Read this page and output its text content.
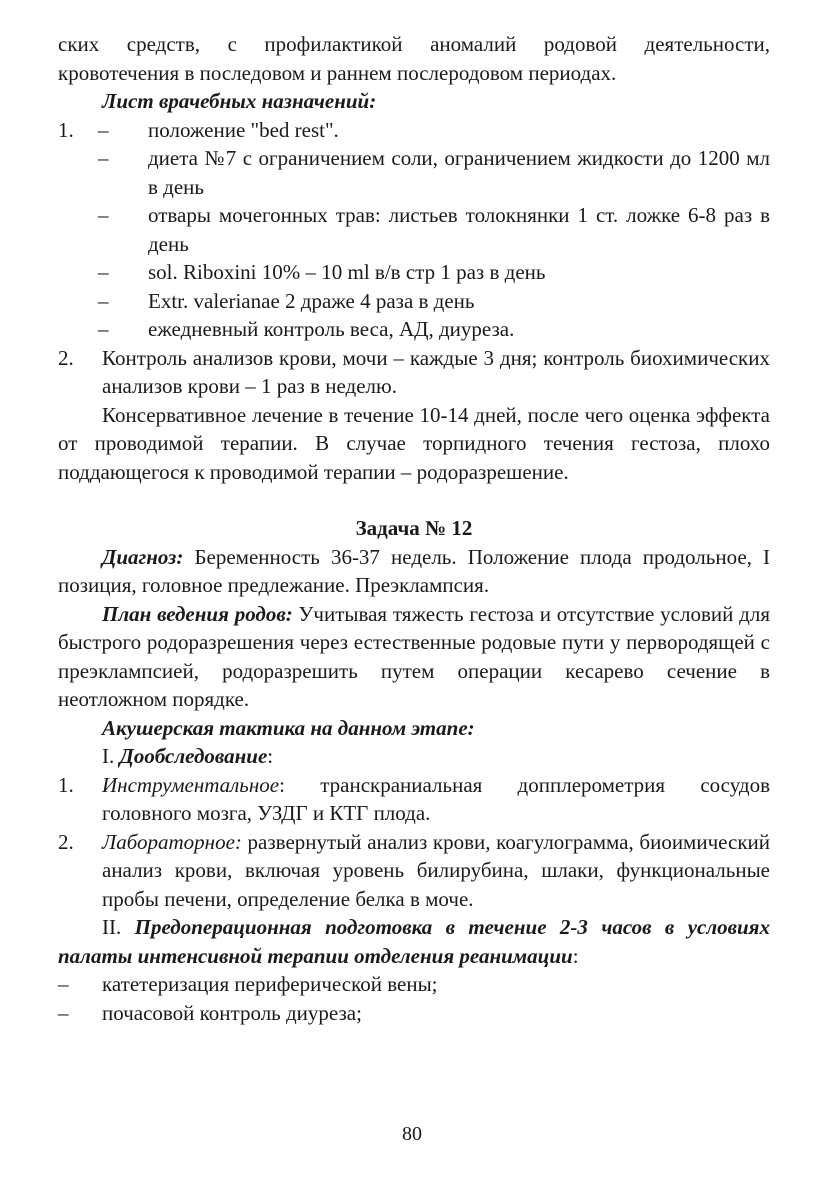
ских средств, с профилактикой аномалий родовой деятельности,

кровотечения в последовом и раннем послеродовом периодах.

Лист врачебных назначений:

1. – положение "bed rest".

– диета №7 с ограничением соли, ограничением жидкости до 1200 мл в день

– отвары мочегонных трав: листьев толокнянки 1 ст. ложке 6-8 раз в день

– sol. Riboxini 10% – 10 ml в/в стр 1 раз в день

– Extr. valerianae 2 драже 4 раза в день

– ежедневный контроль веса, АД, диуреза.

2. Контроль анализов крови, мочи – каждые 3 дня; контроль биохимических анализов крови – 1 раз в неделю.

Консервативное лечение в течение 10-14 дней, после чего оценка эффекта от проводимой терапии. В случае торпидного течения гестоза, плохо поддающегося к проводимой терапии – родоразрешение.

Задача № 12

Диагноз: Беременность 36-37 недель. Положение плода продольное, I позиция, головное предлежание. Преэклампсия.

План ведения родов: Учитывая тяжесть гестоза и отсутствие условий для быстрого родоразрешения через естественные родовые пути у первородящей с преэклампсией, родоразрешить путем операции кесарево сечение в неотложном порядке.

Акушерская тактика на данном этапе:

I. Дообследование:

1. Инструментальное: транскраниальная допплерометрия сосудов головного мозга, УЗДГ и КТГ плода.

2. Лабораторное: развернутый анализ крови, коагулограмма, биоимический анализ крови, включая уровень билирубина, шлаки, функциональные пробы печени, определение белка в моче.

II. Предоперационная подготовка в течение 2-3 часов в условиях палаты интенсивной терапии отделения реанимации:

– катетеризация периферической вены;

– почасовой контроль диуреза;

80
